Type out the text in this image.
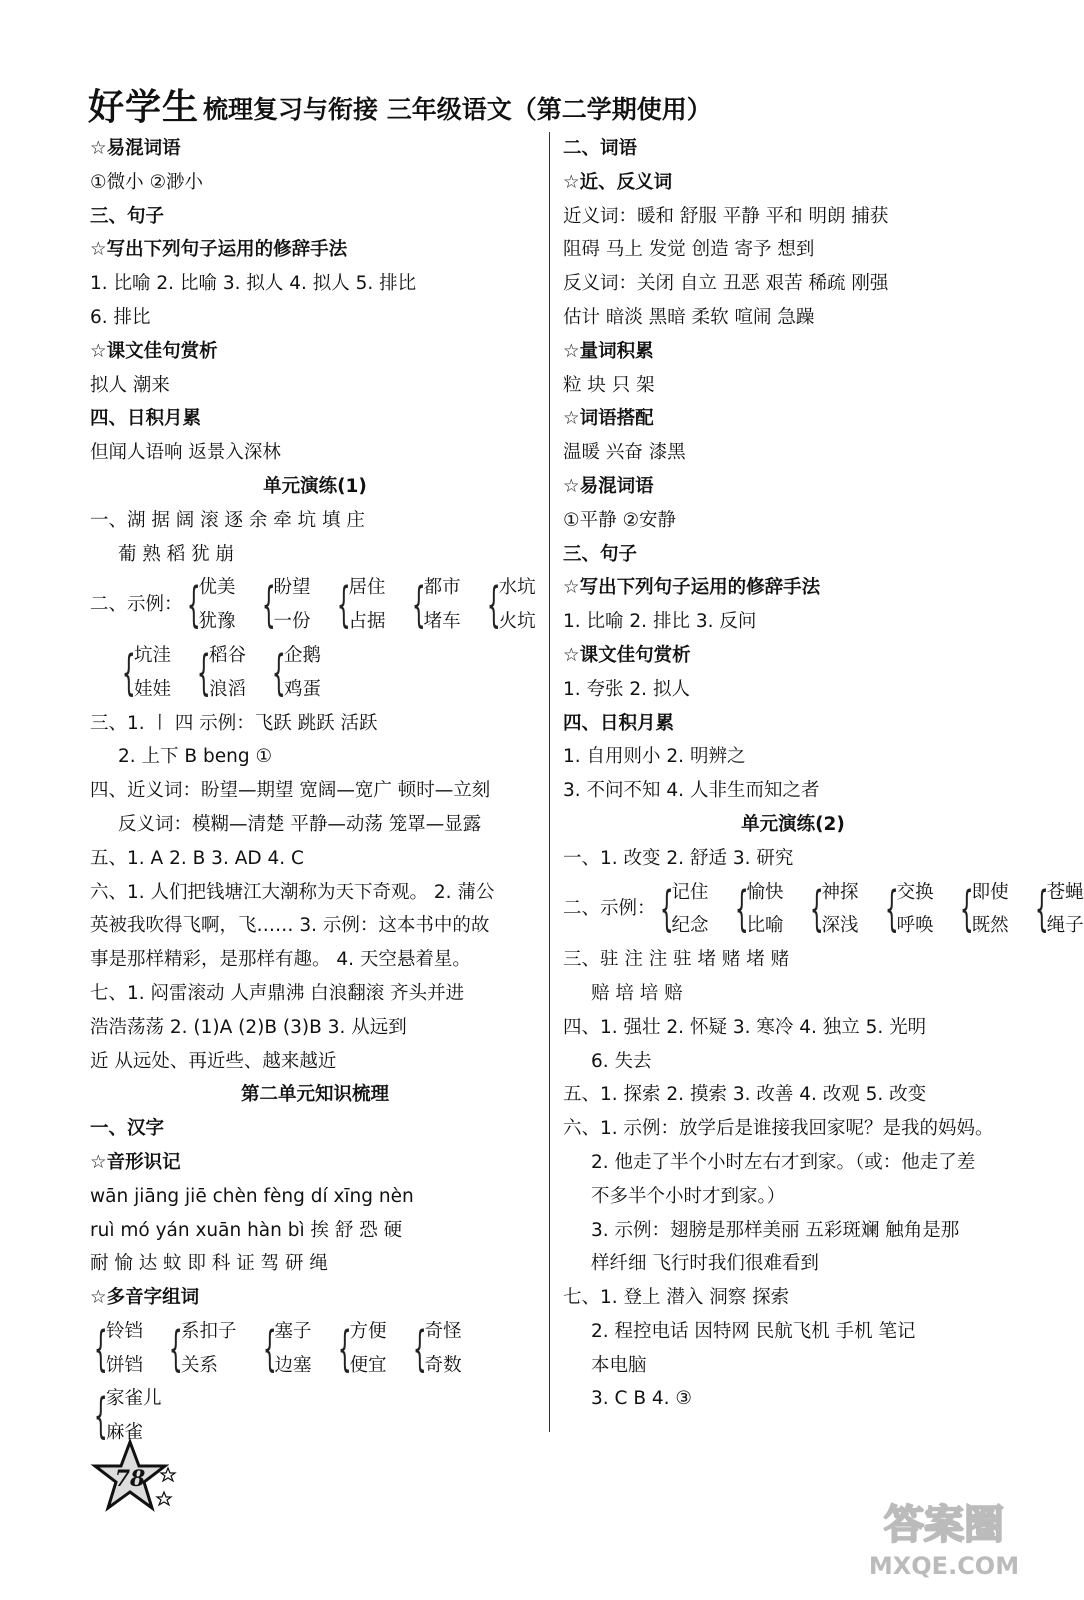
好学生 梳理复习与衔接 三年级语文（第二学期使用）
☆易混词语
①微小 ②渺小
三、句子
☆写出下列句子运用的修辞手法
1. 比喻 2. 比喻 3. 拟人 4. 拟人 5. 排比
6. 排比
☆课文佳句赏析
拟人 潮来
四、日积月累
但闻人语响 返景入深林
单元演练(1)
一、湖 据 阔 滚 逐 余 牵 坑 填 庄
葡 熟 稻 犹 崩
二、示例： {
优美
犹豫 {
盼望
一份 {
居住
占据 {
都市
堵车 {
水坑
火坑
{
坑洼
娃娃 {
稻谷
浪滔 {
企鹅
鸡蛋
三、1. 〡 四 示例：飞跃 跳跃 活跃
2. 上下 B beng ①
四、近义词：盼望—期望 宽阔—宽广 顿时—立刻
反义词：模糊—清楚 平静—动荡 笼罩—显露
五、1. A 2. B 3. AD 4. C
六、1. 人们把钱塘江大潮称为天下奇观。 2. 蒲公
英被我吹得飞啊，飞…… 3. 示例：这本书中的故
事是那样精彩，是那样有趣。 4. 天空悬着星。
七、1. 闷雷滚动 人声鼎沸 白浪翻滚 齐头并进
浩浩荡荡 2. (1)A (2)B (3)B 3. 从远到
近 从远处、再近些、越来越近
第二单元知识梳理
一、汉字
☆音形识记
wān jiāng jiē chèn fèng dí xīng nèn
ruì mó yán xuān hàn bì 挨 舒 恐 硬
耐 愉 达 蚊 即 科 证 驾 研 绳
☆多音字组词
{
铃铛
饼铛 {
系扣子
关系 {
塞子
边塞 {
方便
便宜 {
奇怪
奇数
{
家雀儿
麻雀
二、词语
☆近、反义词
近义词：暖和 舒服 平静 平和 明朗 捕获
阻碍 马上 发觉 创造 寄予 想到
反义词：关闭 自立 丑恶 艰苦 稀疏 刚强
估计 暗淡 黑暗 柔软 喧闹 急躁
☆量词积累
粒 块 只 架
☆词语搭配
温暖 兴奋 漆黑
☆易混词语
①平静 ②安静
三、句子
☆写出下列句子运用的修辞手法
1. 比喻 2. 排比 3. 反问
☆课文佳句赏析
1. 夸张 2. 拟人
四、日积月累
1. 自用则小 2. 明辨之
3. 不问不知 4. 人非生而知之者
单元演练(2)
一、1. 改变 2. 舒适 3. 研究
二、示例： {
记住
纪念 {
愉快
比喻 {
神探
深浅 {
交换
呼唤 {
即使
既然 {
苍蝇
绳子
三、驻 注 注 驻 堵 赌 堵 赌
赔 培 培 赔
四、1. 强壮 2. 怀疑 3. 寒冷 4. 独立 5. 光明
6. 失去
五、1. 探索 2. 摸索 3. 改善 4. 改观 5. 改变
六、1. 示例：放学后是谁接我回家呢？是我的妈妈。
2. 他走了半个小时左右才到家。（或：他走了差
不多半个小时才到家。）
3. 示例：翅膀是那样美丽 五彩斑斓 触角是那
样纤细 飞行时我们很难看到
七、1. 登上 潜入 洞察 探索
2. 程控电话 因特网 民航飞机 手机 笔记
本电脑
3. C B 4. ③
78
答案圈
MXQE.COM
